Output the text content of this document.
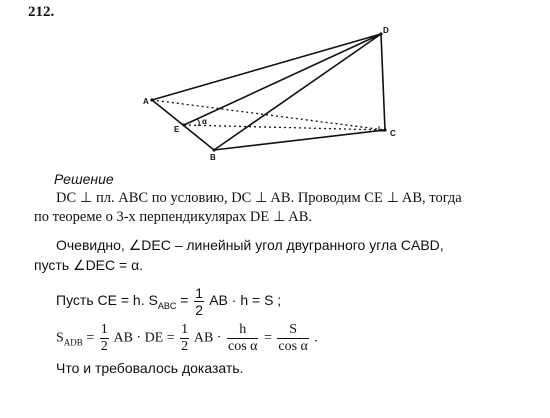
212.
A
B
C
D
E
α
Решение
DC ⊥ пл. ABC по условию, DC ⊥ AB. Проводим CE ⊥ AB, тогда
по теореме о 3-х перпендикулярах DE ⊥ AB.
Очевидно, ∠DEC – линейный угол двугранного угла CABD,
пусть ∠DEC = α.
Пусть CE = h. $S_{ABC} = \frac{1}{2}$ AB · h = S ;
$S_{ADB} = \frac{1}{2}$ AB · DE = $\frac{1}{2}$ AB · $\frac{h}{\text{cos α}} = \frac{S}{\text{cos α}}$ .
Что и требовалось доказать.
